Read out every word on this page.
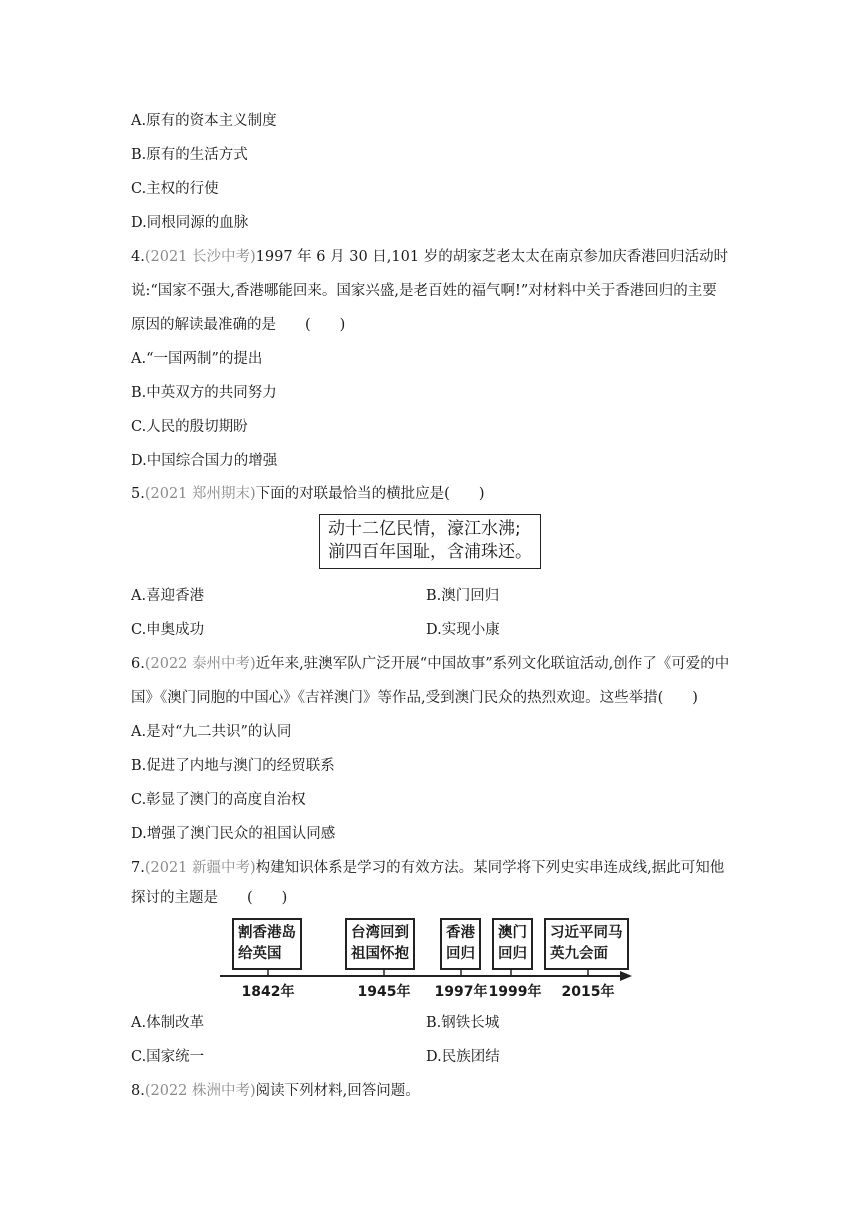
A.原有的资本主义制度
B.原有的生活方式
C.主权的行使
D.同根同源的血脉
4.(2021 长沙中考)1997 年 6 月 30 日,101 岁的胡家芝老太太在南京参加庆香港回归活动时
说:“国家不强大,香港哪能回来。国家兴盛,是老百姓的福气啊!”对材料中关于香港回归的主要
原因的解读最准确的是　　(　　)
A.“一国两制”的提出
B.中英双方的共同努力
C.人民的殷切期盼
D.中国综合国力的增强
5.(2021 郑州期末)下面的对联最恰当的横批应是(　　)
动十二亿民情，濠江水沸;
湔四百年国耻，含浦珠还。
A.喜迎香港	B.澳门回归
C.申奥成功	D.实现小康
6.(2022 泰州中考)近年来,驻澳军队广泛开展“中国故事”系列文化联谊活动,创作了《可爱的中
国》《澳门同胞的中国心》《吉祥澳门》等作品,受到澳门民众的热烈欢迎。这些举措(　　)
A.是对“九二共识”的认同
B.促进了内地与澳门的经贸联系
C.彰显了澳门的高度自治权
D.增强了澳门民众的祖国认同感
7.(2021 新疆中考)构建知识体系是学习的有效方法。某同学将下列史实串连成线,据此可知他
探讨的主题是　　(　　)
割香港岛
给英国
台湾回到
祖国怀抱
香港
回归
澳门
回归
习近平同马
英九会面
1842年	1945年 1997年 1999年 2015年
A.体制改革	B.钢铁长城
C.国家统一	D.民族团结
8.(2022 株洲中考)阅读下列材料,回答问题。
